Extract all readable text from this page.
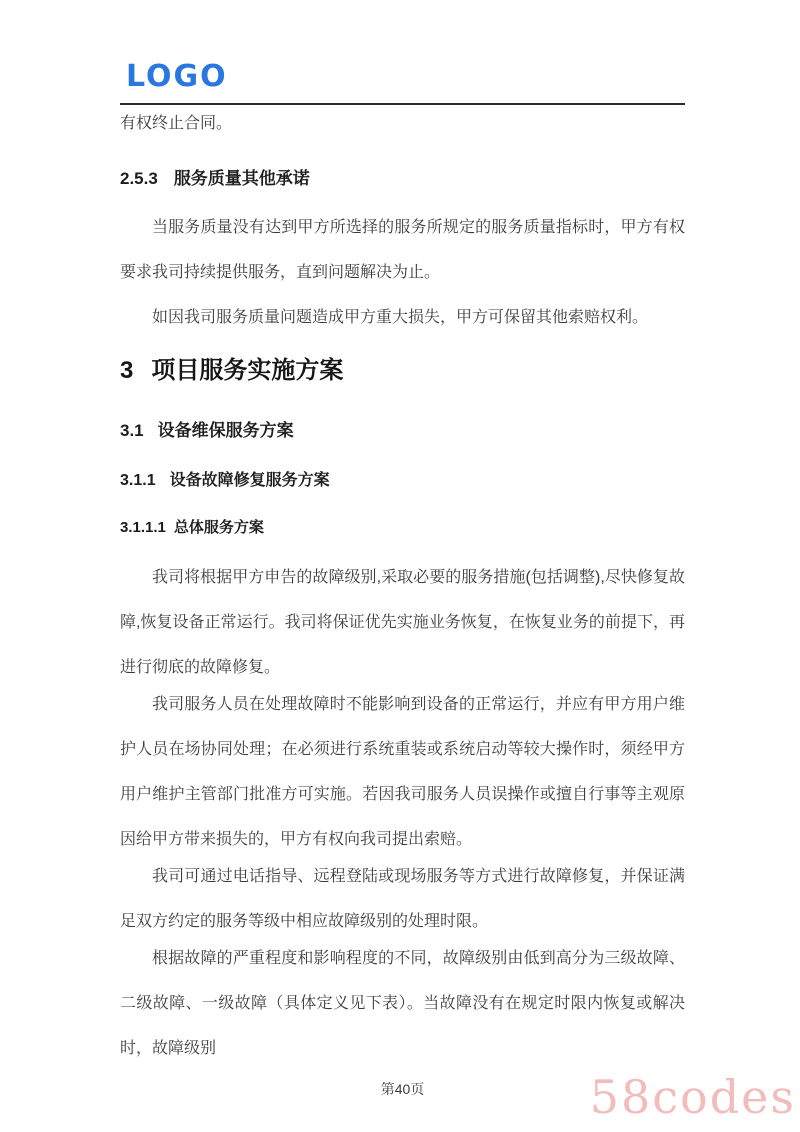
LOGO

有权终止合同。

2.5.3 服务质量其他承诺

当服务质量没有达到甲方所选择的服务所规定的服务质量指标时，甲方有权要求我司持续提供服务，直到问题解决为止。

如因我司服务质量问题造成甲方重大损失，甲方可保留其他索赔权利。

3 项目服务实施方案
3.1 设备维保服务方案
3.1.1 设备故障修复服务方案
3.1.1.1 总体服务方案

我司将根据甲方申告的故障级别,采取必要的服务措施(包括调整),尽快修复故障,恢复设备正常运行。我司将保证优先实施业务恢复，在恢复业务的前提下，再进行彻底的故障修复。

我司服务人员在处理故障时不能影响到设备的正常运行，并应有甲方用户维护人员在场协同处理；在必须进行系统重装或系统启动等较大操作时，须经甲方用户维护主管部门批准方可实施。若因我司服务人员误操作或擅自行事等主观原因给甲方带来损失的，甲方有权向我司提出索赔。

我司可通过电话指导、远程登陆或现场服务等方式进行故障修复，并保证满足双方约定的服务等级中相应故障级别的处理时限。

根据故障的严重程度和影响程度的不同，故障级别由低到高分为三级故障、二级故障、一级故障（具体定义见下表）。当故障没有在规定时限内恢复或解决时，故障级别

第40页	58codes
